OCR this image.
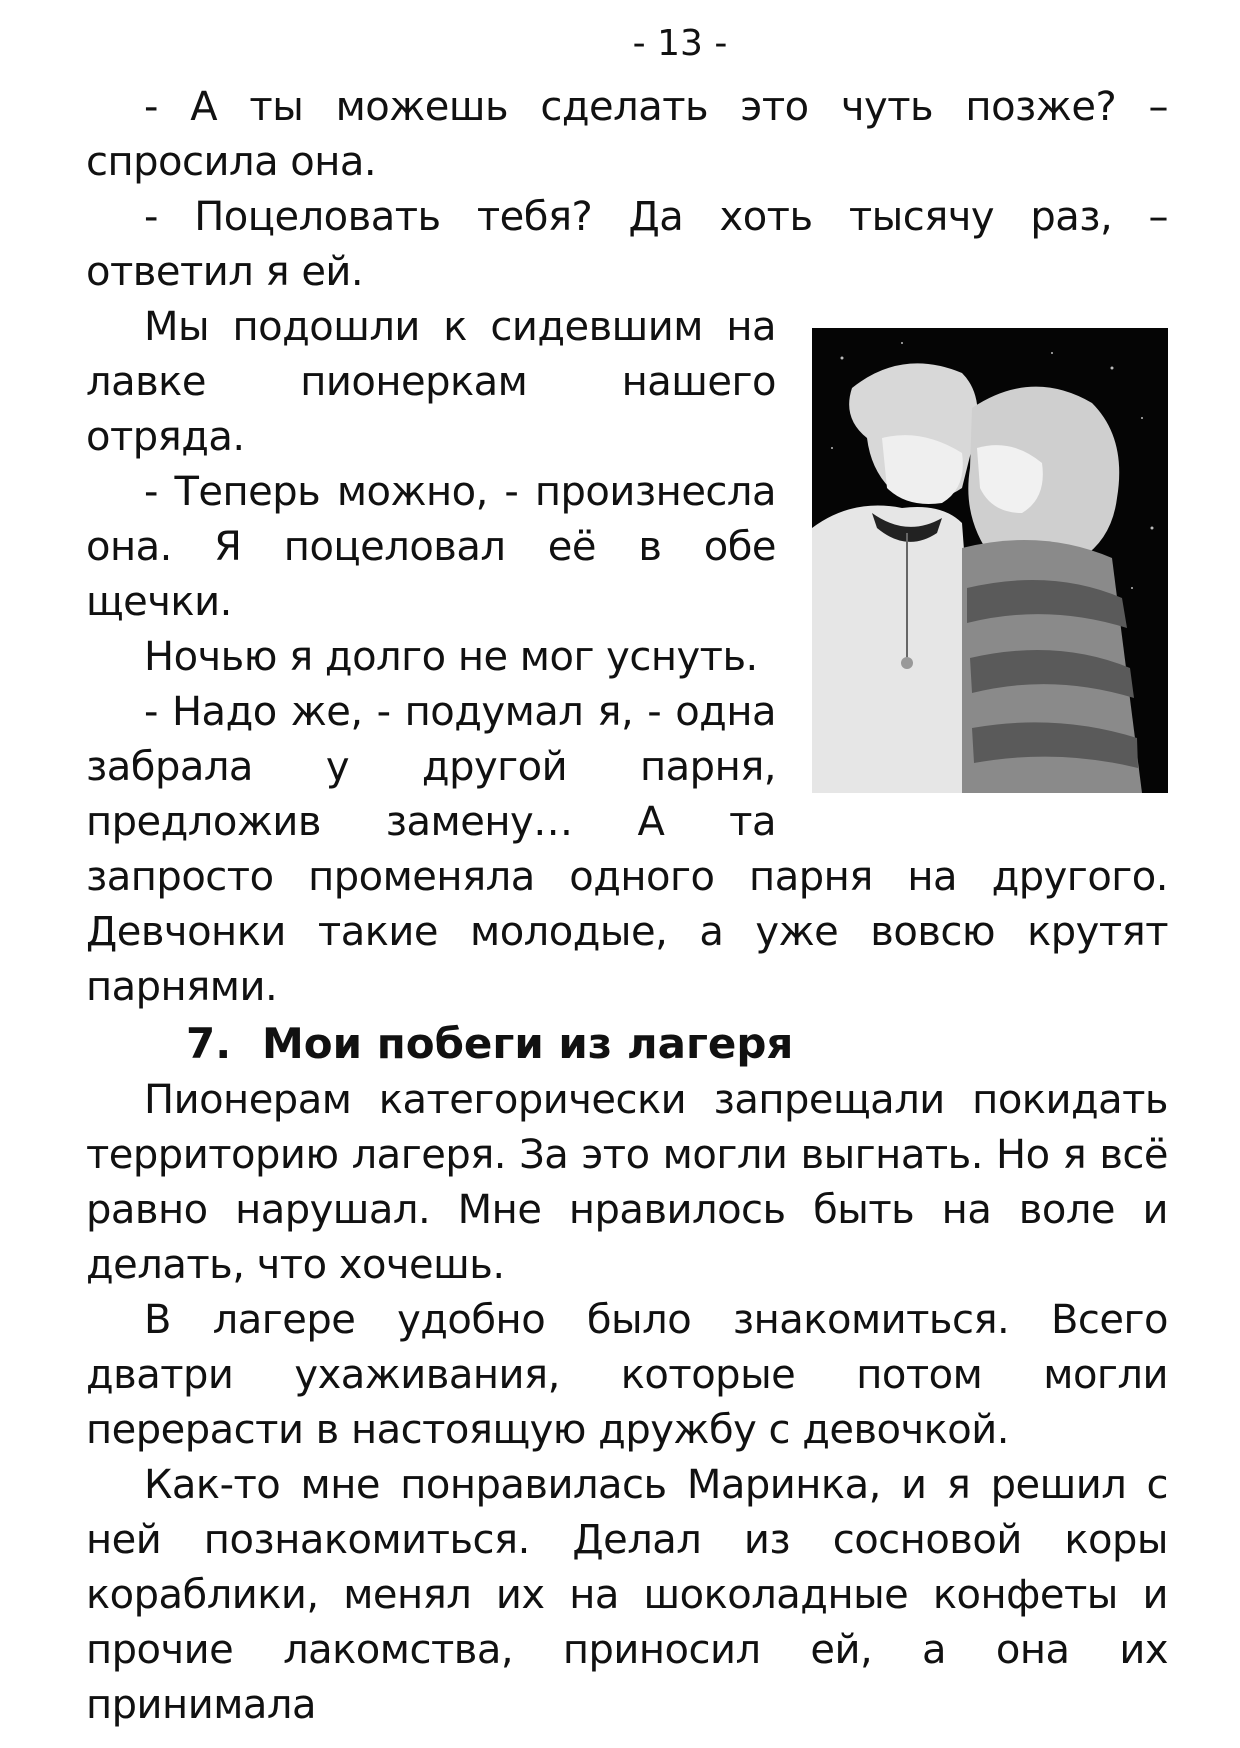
- 13 -

- А ты можешь сделать это чуть позже? – спросила она.

- Поцеловать тебя? Да хоть тысячу раз, – ответил я ей.

Мы подошли к сидевшим на лавке пионеркам нашего отряда.

- Теперь можно, - произнесла она. Я поцеловал её в обе щечки.

Ночью я долго не мог уснуть.

- Надо же, - подумал я, - одна забрала у другой парня, предложив замену… А та запросто променяла одного парня на другого. Девчонки такие молодые, а уже вовсю крутят парнями.

7. Мои побеги из лагеря

Пионерам категорически запрещали покидать территорию лагеря. За это могли выгнать. Но я всё равно нарушал. Мне нравилось быть на воле и делать, что хочешь.

В лагере удобно было знакомиться. Всего дватри ухаживания, которые потом могли перерасти в настоящую дружбу с девочкой.

Как-то мне понравилась Маринка, и я решил с ней познакомиться. Делал из сосновой коры кораблики, менял их на шоколадные конфеты и прочие лакомства, приносил ей, а она их принимала
